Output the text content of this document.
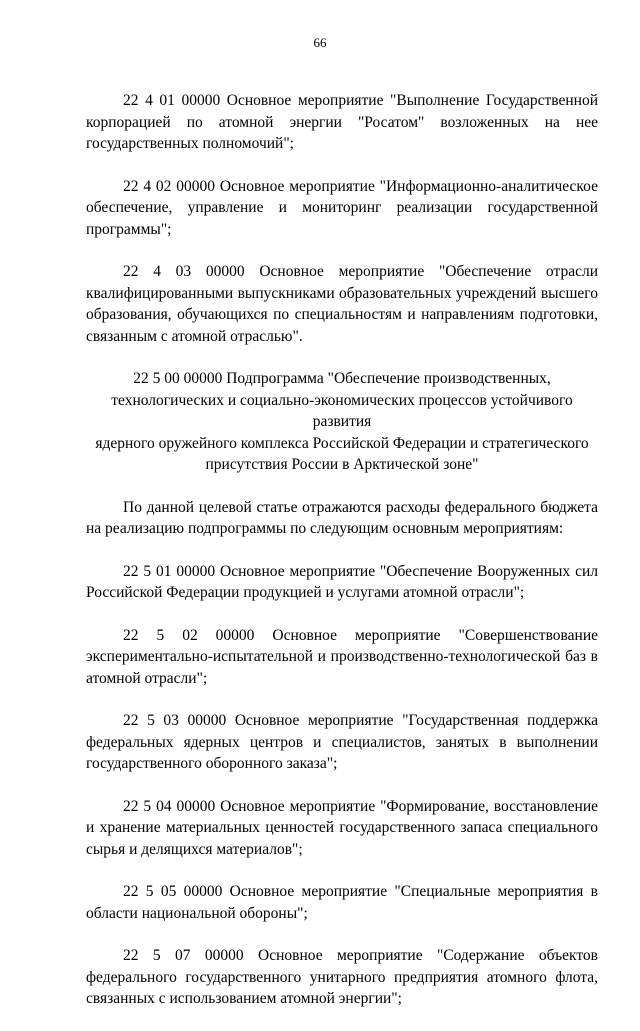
66

22 4 01 00000 Основное мероприятие "Выполнение Государственной корпорацией по атомной энергии "Росатом" возложенных на нее государственных полномочий";

22 4 02 00000 Основное мероприятие "Информационно-аналитическое обеспечение, управление и мониторинг реализации государственной программы";

22 4 03 00000 Основное мероприятие "Обеспечение отрасли квалифицированными выпускниками образовательных учреждений высшего образования, обучающихся по специальностям и направлениям подготовки, связанным с атомной отраслью".

22 5 00 00000 Подпрограмма "Обеспечение производственных,
технологических и социально-экономических процессов устойчивого развития
ядерного оружейного комплекса Российской Федерации и стратегического
присутствия России в Арктической зоне"

По данной целевой статье отражаются расходы федерального бюджета на реализацию подпрограммы по следующим основным мероприятиям:

22 5 01 00000 Основное мероприятие "Обеспечение Вооруженных сил Российской Федерации продукцией и услугами атомной отрасли";

22 5 02 00000 Основное мероприятие "Совершенствование экспериментально-испытательной и производственно-технологической баз в атомной отрасли";

22 5 03 00000 Основное мероприятие "Государственная поддержка федеральных ядерных центров и специалистов, занятых в выполнении государственного оборонного заказа";

22 5 04 00000 Основное мероприятие "Формирование, восстановление и хранение материальных ценностей государственного запаса специального сырья и делящихся материалов";

22 5 05 00000 Основное мероприятие "Специальные мероприятия в области национальной обороны";

22 5 07 00000 Основное мероприятие "Содержание объектов федерального государственного унитарного предприятия атомного флота, связанных с использованием атомной энергии";
